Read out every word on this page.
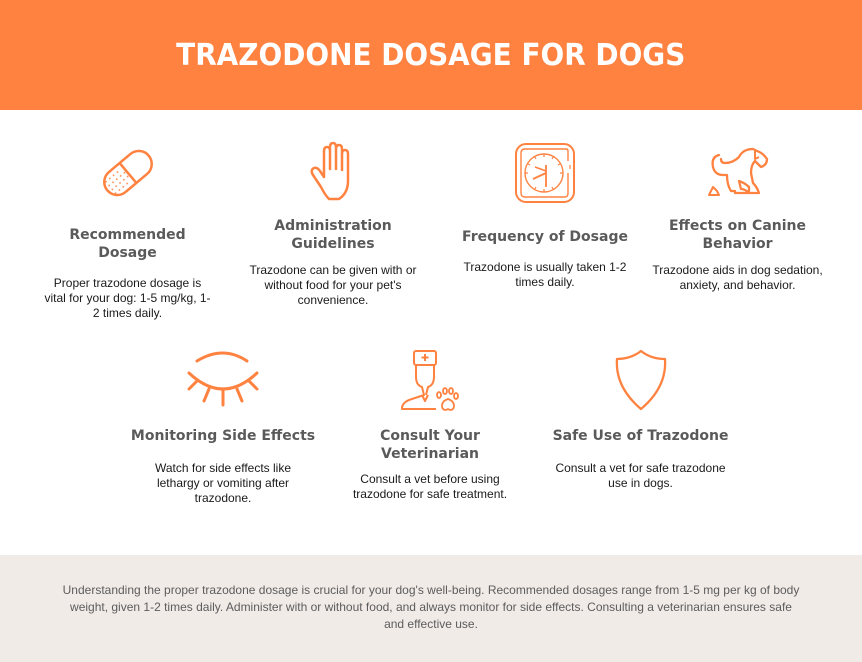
TRAZODONE DOSAGE FOR DOGS
Recommended Dosage
Proper trazodone dosage is vital for your dog: 1-5 mg/kg, 1-2 times daily.
Administration Guidelines
Trazodone can be given with or without food for your pet's convenience.
Frequency of Dosage
Trazodone is usually taken 1-2 times daily.
Effects on Canine Behavior
Trazodone aids in dog sedation, anxiety, and behavior.
Monitoring Side Effects
Watch for side effects like lethargy or vomiting after trazodone.
Consult Your Veterinarian
Consult a vet before using trazodone for safe treatment.
Safe Use of Trazodone
Consult a vet for safe trazodone use in dogs.

Understanding the proper trazodone dosage is crucial for your dog's well-being. Recommended dosages range from 1-5 mg per kg of body weight, given 1-2 times daily. Administer with or without food, and always monitor for side effects. Consulting a veterinarian ensures safe and effective use.
